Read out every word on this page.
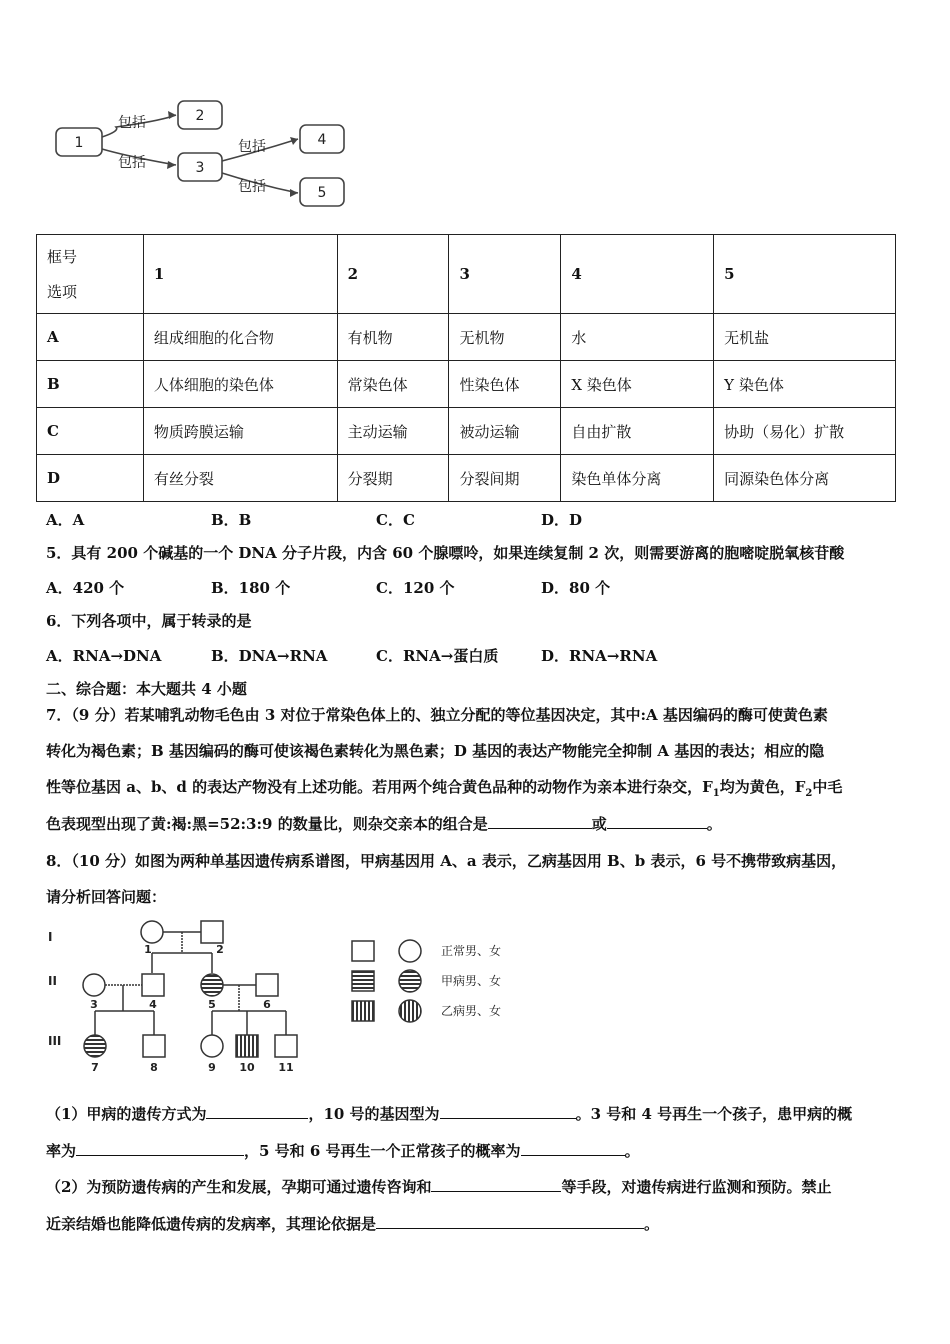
1
2
3
4
5
包括
包括
包括
包括
框号
选项	1	2	3	4	5
A	组成细胞的化合物	有机物	无机物	水	无机盐
B	人体细胞的染色体	常染色体	性染色体	X 染色体	Y 染色体
C	物质跨膜运输	主动运输	被动运输	自由扩散	协助（易化）扩散
D	有丝分裂	分裂期	分裂间期	染色单体分离	同源染色体分离
A．A	B．B	C．C	D．D
5．具有 200 个碱基的一个 DNA 分子片段，内含 60 个腺嘌呤，如果连续复制 2 次，则需要游离的胞嘧啶脱氧核苷酸
A．420 个	B．180 个	C．120 个	D．80 个
6．下列各项中，属于转录的是
A．RNA→DNA	B．DNA→RNA	C．RNA→蛋白质	D．RNA→RNA
二、综合题：本大题共 4 小题
7．（9 分）若某哺乳动物毛色由 3 对位于常染色体上的、独立分配的等位基因决定，其中:A 基因编码的酶可使黄色素
转化为褐色素；B 基因编码的酶可使该褐色素转化为黑色素；D 基因的表达产物能完全抑制 A 基因的表达；相应的隐
性等位基因 a、b、d 的表达产物没有上述功能。若用两个纯合黄色品种的动物作为亲本进行杂交，$F_1$均为黄色，$F_2$中毛
色表现型出现了黄:褐:黑=52:3:9 的数量比，则杂交亲本的组合是	或	。
8．（10 分）如图为两种单基因遗传病系谱图，甲病基因用 A、a 表示，乙病基因用 B、b 表示，6 号不携带致病基因，
请分析回答问题：
I
II
III
1	2
3	4	5	6
7	8	9 10 11
正常男、女
甲病男、女
乙病男、女
（1）甲病的遗传方式为	，10 号的基因型为	。3 号和 4 号再生一个孩子，患甲病的概
率为	，5 号和 6 号再生一个正常孩子的概率为	。
（2）为预防遗传病的产生和发展，孕期可通过遗传咨询和	等手段，对遗传病进行监测和预防。禁止
近亲结婚也能降低遗传病的发病率，其理论依据是	。
